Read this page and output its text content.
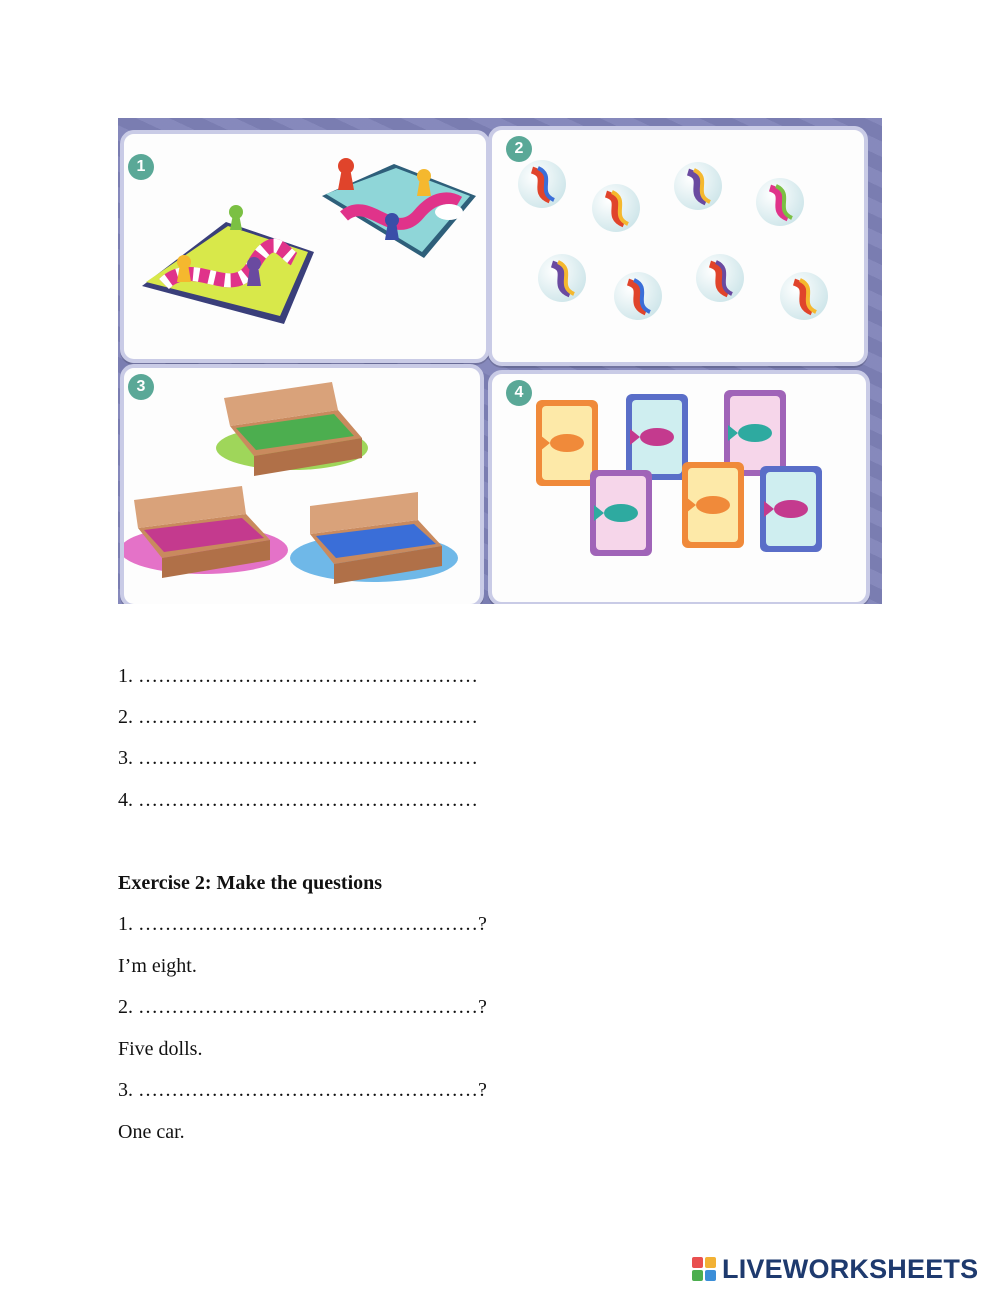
1
2
3	4
1. ……………………………………………
2. ……………………………………………
3. ……………………………………………
4. ……………………………………………
Exercise 2: Make the questions
1. ……………………………………………?
I’m eight.
2. ……………………………………………?
Five dolls.
3. ……………………………………………?
One car.
LIVEWORKSHEETS
